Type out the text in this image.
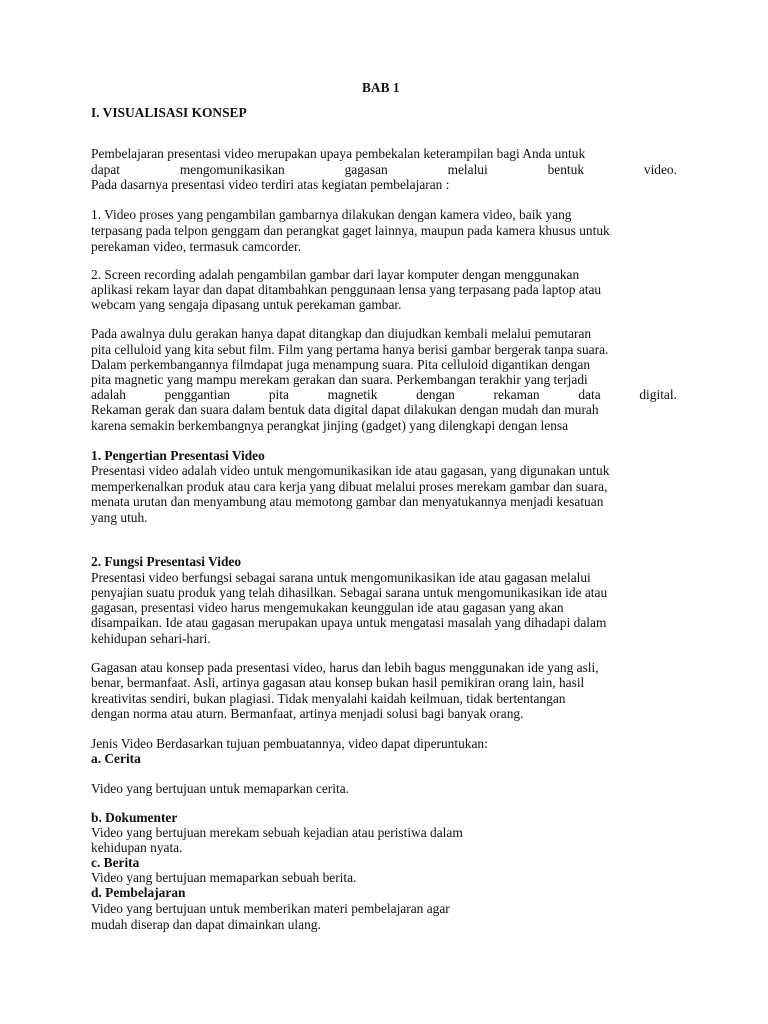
BAB 1
I. VISUALISASI KONSEP
Pembelajaran presentasi video merupakan upaya pembekalan keterampilan bagi Anda untuk
dapat	mengomunikasikan	gagasan	melalui	bentuk	video.
Pada dasarnya presentasi video terdiri atas kegiatan pembelajaran :
1. Video proses yang pengambilan gambarnya dilakukan dengan kamera video, baik yang
terpasang pada telpon genggam dan perangkat gaget lainnya, maupun pada kamera khusus untuk
perekaman video, termasuk camcorder.
2. Screen recording adalah pengambilan gambar dari layar komputer dengan menggunakan
aplikasi rekam layar dan dapat ditambahkan penggunaan lensa yang terpasang pada laptop atau
webcam yang sengaja dipasang untuk perekaman gambar.
Pada awalnya dulu gerakan hanya dapat ditangkap dan diujudkan kembali melalui pemutaran
pita celluloid yang kita sebut film. Film yang pertama hanya berisi gambar bergerak tanpa suara.
Dalam perkembangannya filmdapat juga menampung suara. Pita celluloid digantikan dengan
pita magnetic yang mampu merekam gerakan dan suara. Perkembangan terakhir yang terjadi
adalah	penggantian	pita	magnetik	dengan	rekaman	data	digital.
Rekaman gerak dan suara dalam bentuk data digital dapat dilakukan dengan mudah dan murah
karena semakin berkembangnya perangkat jinjing (gadget) yang dilengkapi dengan lensa
1. Pengertian Presentasi Video
Presentasi video adalah video untuk mengomunikasikan ide atau gagasan, yang digunakan untuk
memperkenalkan produk atau cara kerja yang dibuat melalui proses merekam gambar dan suara,
menata urutan dan menyambung atau memotong gambar dan menyatukannya menjadi kesatuan
yang utuh.
2. Fungsi Presentasi Video
Presentasi video berfungsi sebagai sarana untuk mengomunikasikan ide atau gagasan melalui
penyajian suatu produk yang telah dihasilkan. Sebagai sarana untuk mengomunikasikan ide atau
gagasan, presentasi video harus mengemukakan keunggulan ide atau gagasan yang akan
disampaikan. Ide atau gagasan merupakan upaya untuk mengatasi masalah yang dihadapi dalam
kehidupan sehari-hari.
Gagasan atau konsep pada presentasi video, harus dan lebih bagus menggunakan ide yang asli,
benar, bermanfaat. Asli, artinya gagasan atau konsep bukan hasil pemikiran orang lain, hasil
kreativitas sendiri, bukan plagiasi. Tidak menyalahi kaidah keilmuan, tidak bertentangan
dengan norma atau aturn. Bermanfaat, artinya menjadi solusi bagi banyak orang.
Jenis Video Berdasarkan tujuan pembuatannya, video dapat diperuntukan:
a. Cerita
Video yang bertujuan untuk memaparkan cerita.
b. Dokumenter
Video yang bertujuan merekam sebuah kejadian atau peristiwa dalam
kehidupan nyata.
c. Berita
Video yang bertujuan memaparkan sebuah berita.
d. Pembelajaran
Video yang bertujuan untuk memberikan materi pembelajaran agar
mudah diserap dan dapat dimainkan ulang.
